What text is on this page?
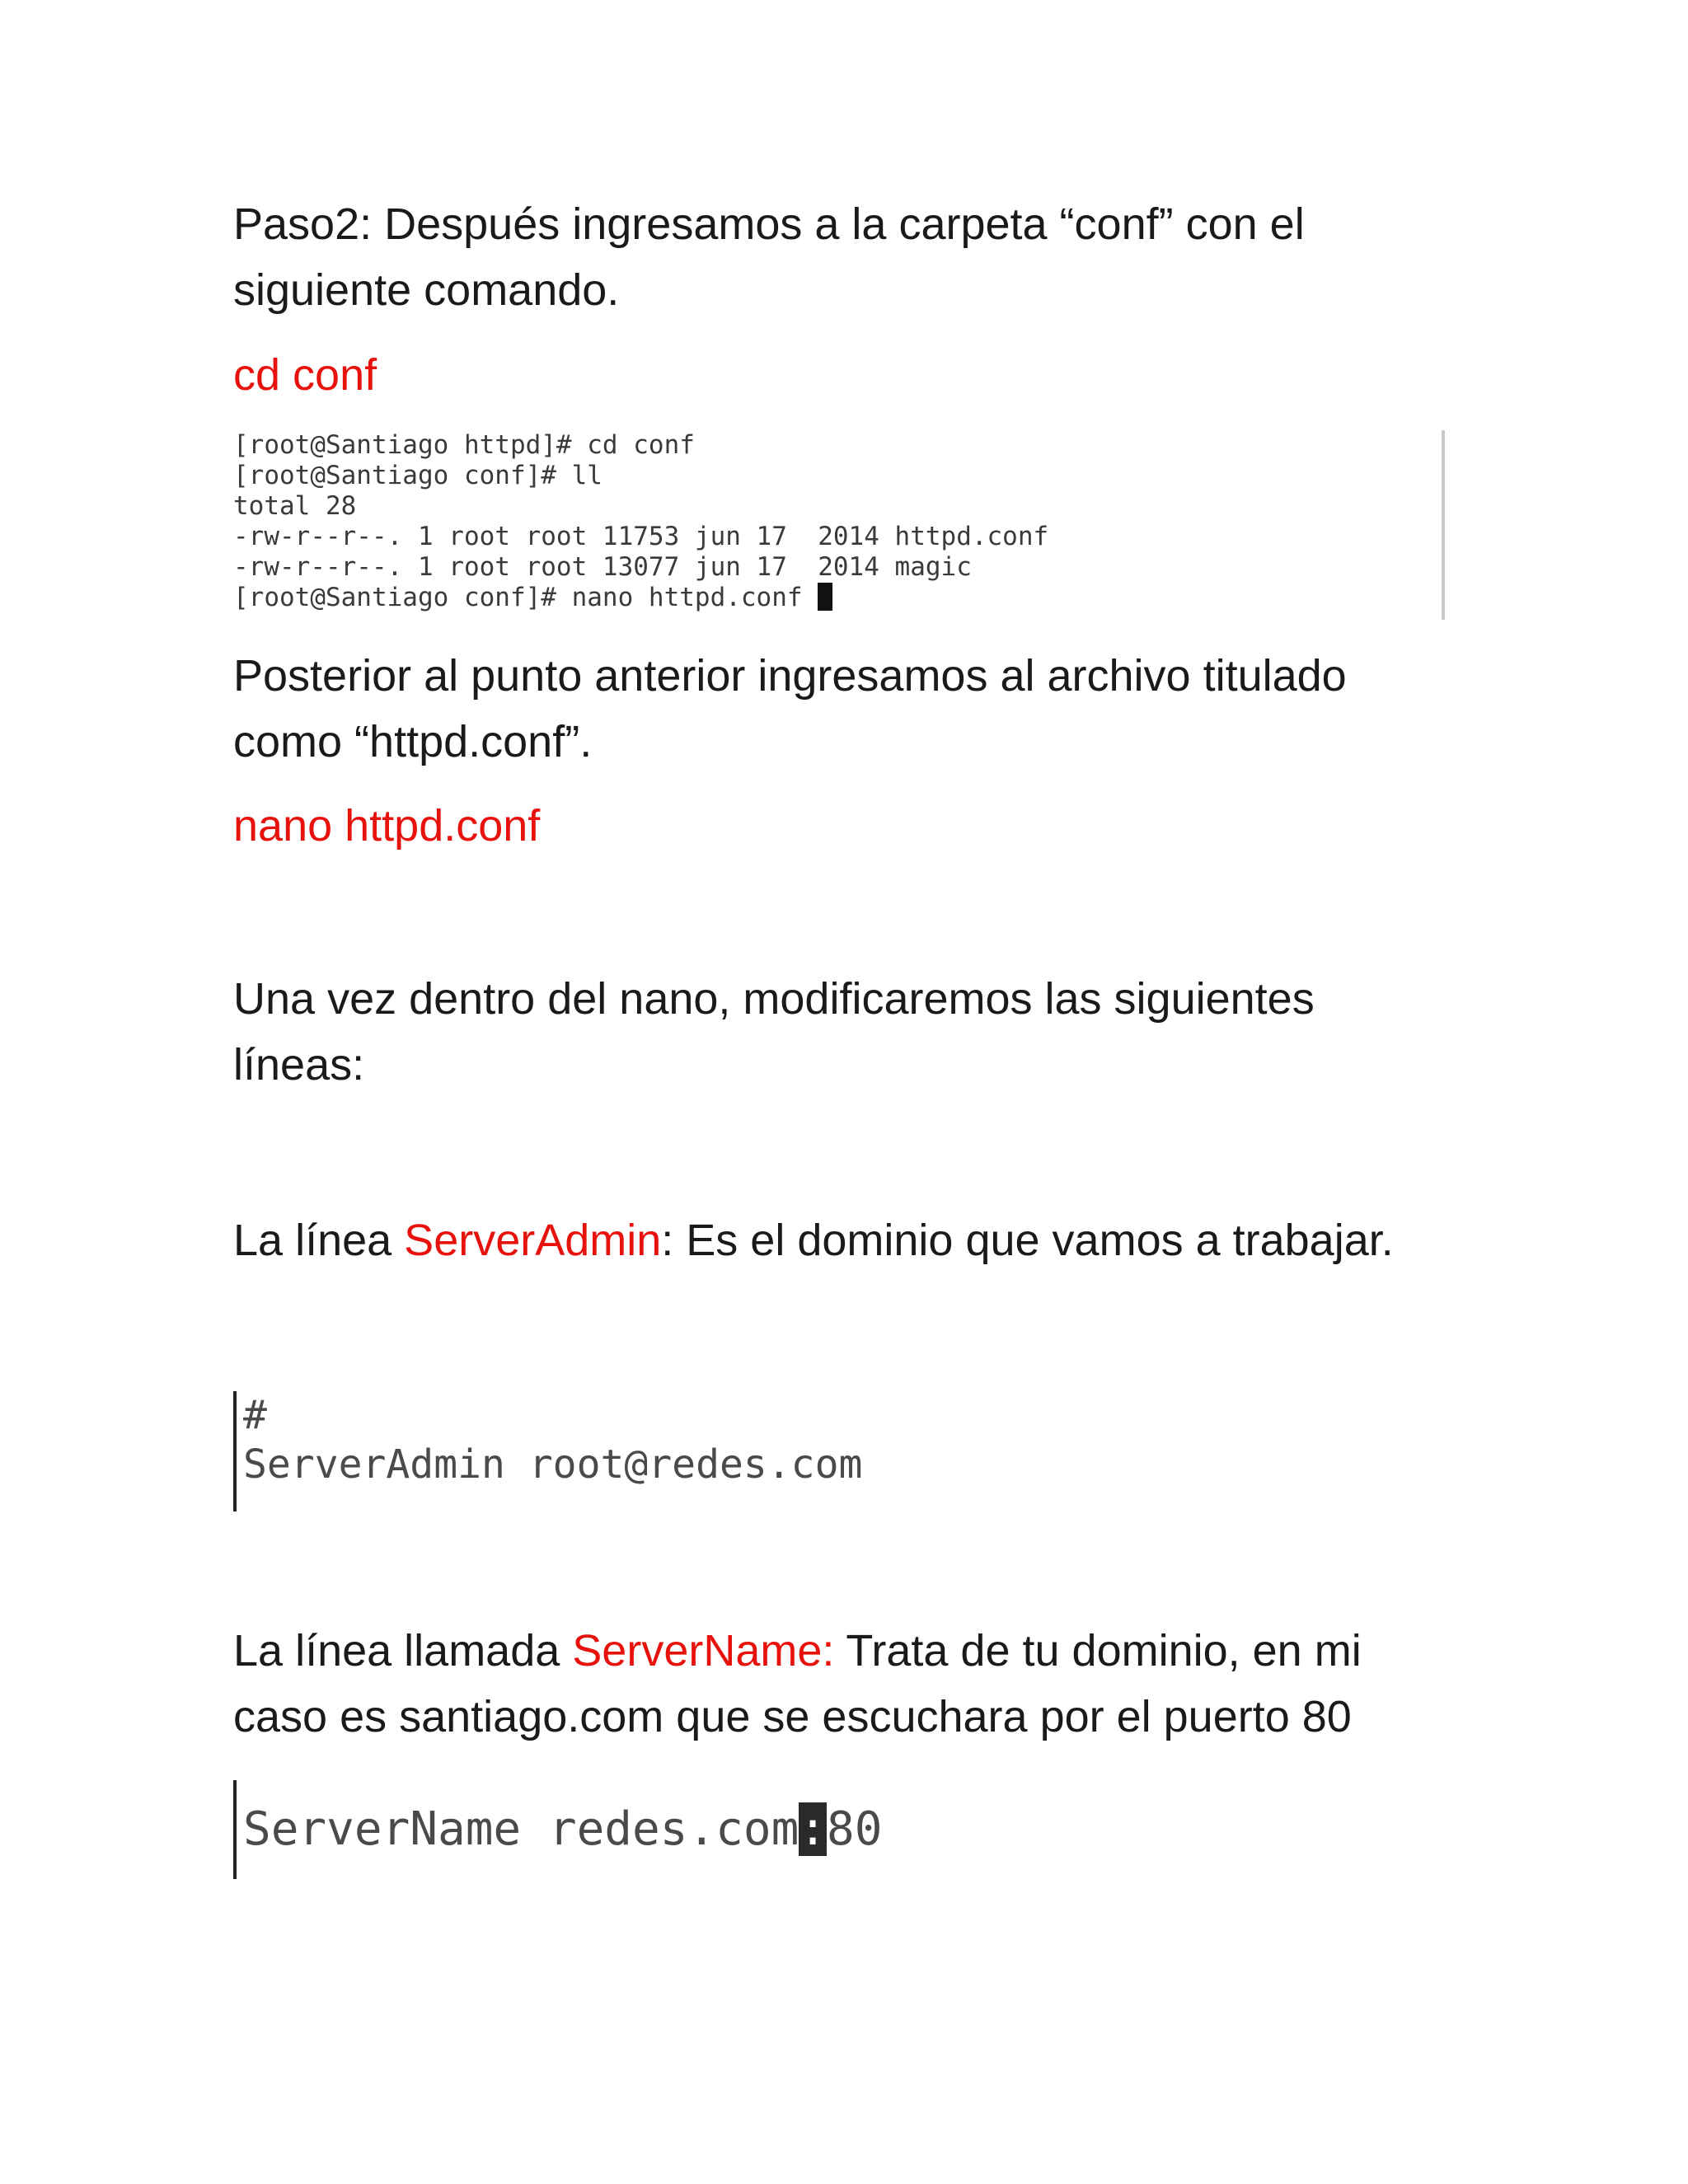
Paso2: Después ingresamos a la carpeta “conf” con el
siguiente comando.

cd conf

[root@Santiago httpd]# cd conf
[root@Santiago conf]# ll
total 28
-rw-r--r--. 1 root root 11753 jun 17  2014 httpd.conf
-rw-r--r--. 1 root root 13077 jun 17  2014 magic
[root@Santiago conf]# nano httpd.conf

Posterior al punto anterior ingresamos al archivo titulado
como “httpd.conf”.

nano httpd.conf

Una vez dentro del nano, modificaremos las siguientes
líneas:

La línea ServerAdmin: Es el dominio que vamos a trabajar.

#
ServerAdmin root@redes.com

La línea llamada ServerName: Trata de tu dominio, en mi
caso es santiago.com que se escuchara por el puerto 80

ServerName redes.com:80
